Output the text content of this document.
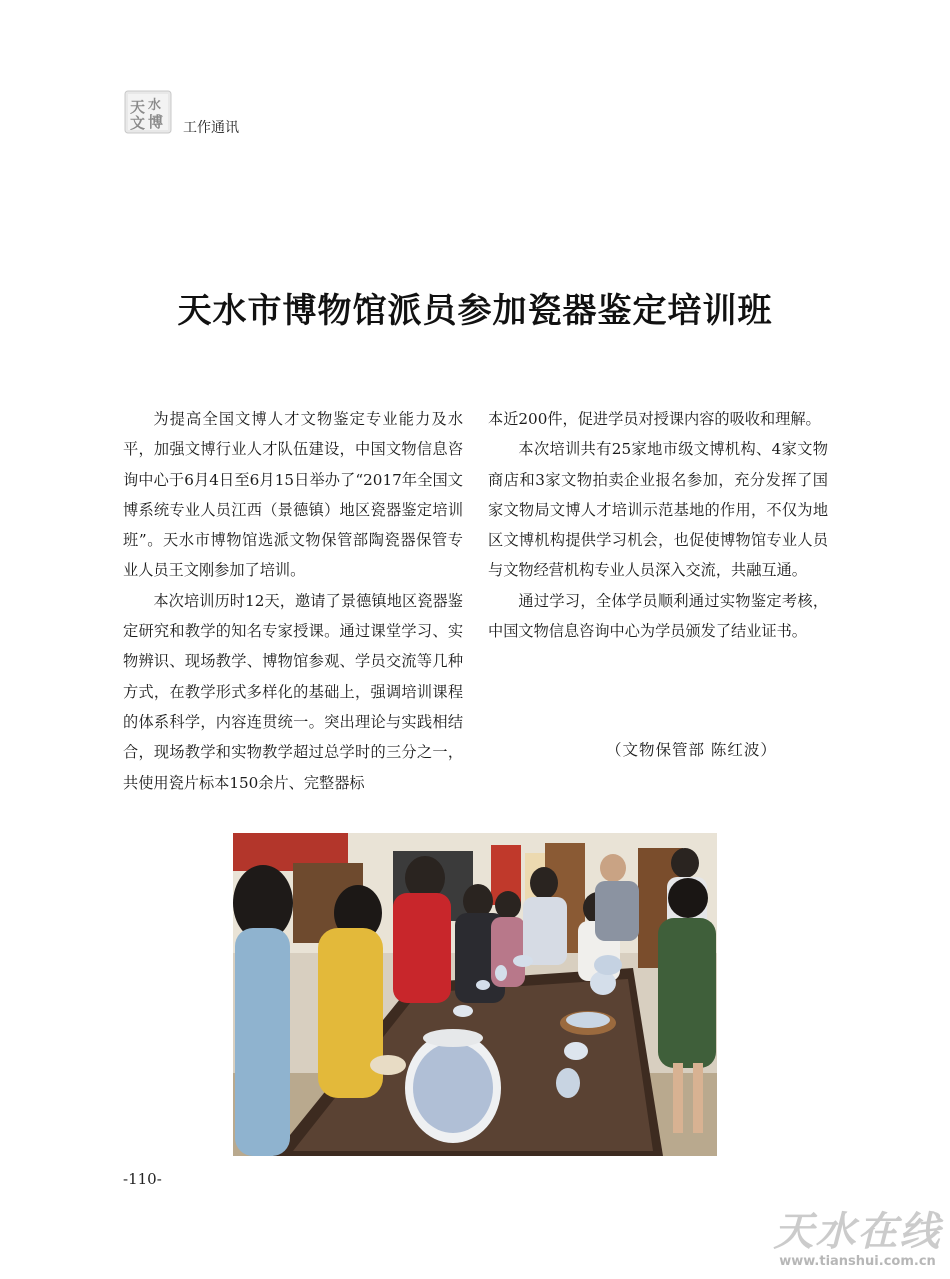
天 水
文 博 工作通讯
天水市博物馆派员参加瓷器鉴定培训班

为提高全国文博人才文物鉴定专业能力及水平，加强文博行业人才队伍建设，中国文物信息咨询中心于6月4日至6月15日举办了“2017年全国文博系统专业人员江西（景德镇）地区瓷器鉴定培训班”。天水市博物馆选派文物保管部陶瓷器保管专业人员王文刚参加了培训。

本次培训历时12天，邀请了景德镇地区瓷器鉴定研究和教学的知名专家授课。通过课堂学习、实物辨识、现场教学、博物馆参观、学员交流等几种方式，在教学形式多样化的基础上，强调培训课程的体系科学，内容连贯统一。突出理论与实践相结合，现场教学和实物教学超过总学时的三分之一，共使用瓷片标本150余片、完整器标

本近200件，促进学员对授课内容的吸收和理解。

本次培训共有25家地市级文博机构、4家文物商店和3家文物拍卖企业报名参加，充分发挥了国家文物局文博人才培训示范基地的作用，不仅为地区文博机构提供学习机会，也促使博物馆专业人员与文物经营机构专业人员深入交流，共融互通。

通过学习，全体学员顺利通过实物鉴定考核，中国文物信息咨询中心为学员颁发了结业证书。

（文物保管部 陈红波）
-110-
天水在线
www.tianshui.com.cn
